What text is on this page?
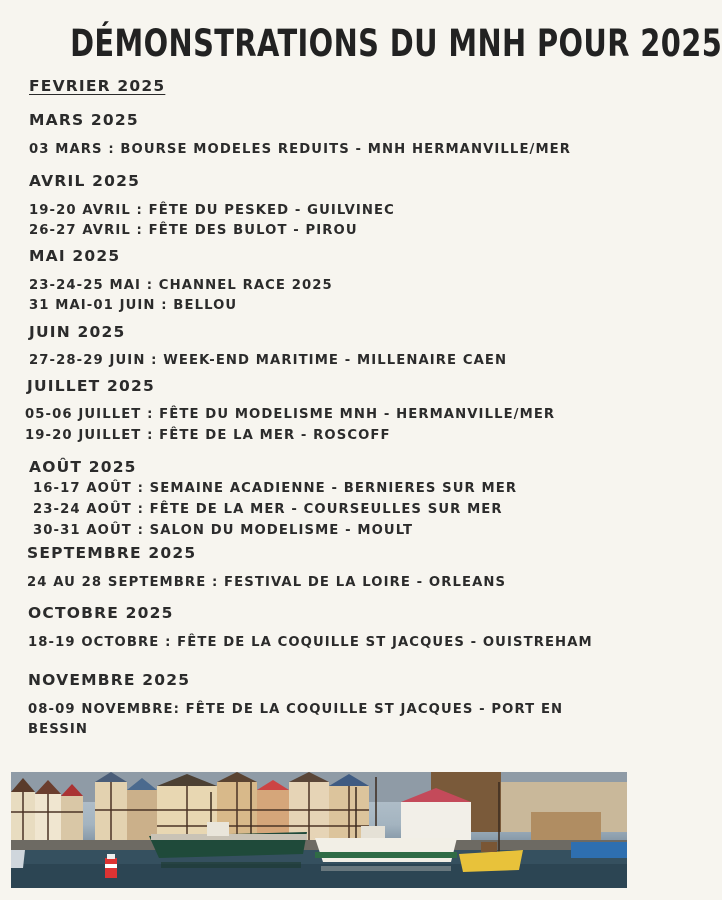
DÉMONSTRATIONS DU MNH POUR 2025
FEVRIER 2025
MARS 2025
03 MARS : BOURSE MODELES REDUITS - MNH HERMANVILLE/MER
AVRIL 2025
19-20 AVRIL : FÊTE DU PESKED - GUILVINEC
26-27 AVRIL : FÊTE DES BULOT - PIROU
MAI 2025
23-24-25 MAI : CHANNEL RACE 2025
31 MAI-01 JUIN : BELLOU
JUIN 2025
27-28-29 JUIN : WEEK-END MARITIME - MILLENAIRE CAEN
JUILLET 2025
05-06 JUILLET : FÊTE DU MODELISME MNH - HERMANVILLE/MER
19-20 JUILLET : FÊTE DE LA MER - ROSCOFF
AOÛT 2025
16-17 AOÛT : SEMAINE ACADIENNE - BERNIERES SUR MER
23-24 AOÛT : FÊTE DE LA MER - COURSEULLES SUR MER
30-31 AOÛT : SALON DU MODELISME - MOULT
SEPTEMBRE 2025
24 AU 28 SEPTEMBRE : FESTIVAL DE LA LOIRE - ORLEANS
OCTOBRE 2025
18-19 OCTOBRE : FÊTE DE LA COQUILLE ST JACQUES - OUISTREHAM
NOVEMBRE 2025
08-09 NOVEMBRE: FÊTE DE LA COQUILLE ST JACQUES - PORT EN
BESSIN
